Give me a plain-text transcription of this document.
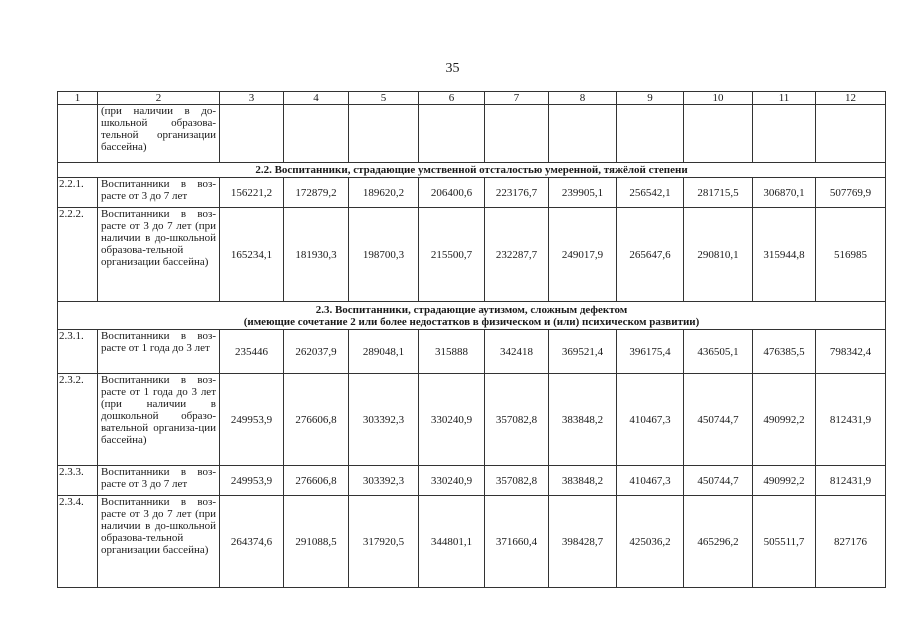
35
1	2	3	4	5	6	7	8	9	10	11	12
	(при наличии в до-школьной образова-тельной организации бассейна)										
2.2. Воспитанники, страдающие умственной отсталостью умеренной, тяжёлой степени											
2.2.1.	Воспитанники в воз-расте от 3 до 7 лет	156221,2	172879,2	189620,2	206400,6	223176,7	239905,1	256542,1	281715,5	306870,1	507769,9
2.2.2.	Воспитанники в воз-расте от 3 до 7 лет (при наличии в до-школьной образова-тельной организации бассейна)	165234,1	181930,3	198700,3	215500,7	232287,7	249017,9	265647,6	290810,1	315944,8	516985

2.3. Воспитанники, страдающие аутизмом, сложным дефектом
(имеющие сочетание 2 или более недостатков в физическом и (или) психическом развитии)											

2.3.1.	Воспитанники в воз-расте от 1 года до 3 лет	235446	262037,9	289048,1	315888	342418	369521,4	396175,4	436505,1	476385,5	798342,4
2.3.2.	Воспитанники в воз-расте от 1 года до 3 лет (при наличии в дошкольной образо-вательной организа-ции бассейна)	249953,9	276606,8	303392,3	330240,9	357082,8	383848,2	410467,3	450744,7	490992,2	812431,9
2.3.3.	Воспитанники в воз-расте от 3 до 7 лет	249953,9	276606,8	303392,3	330240,9	357082,8	383848,2	410467,3	450744,7	490992,2	812431,9
2.3.4.	Воспитанники в воз-расте от 3 до 7 лет (при наличии в до-школьной образова-тельной организации бассейна)	264374,6	291088,5	317920,5	344801,1	371660,4	398428,7	425036,2	465296,2	505511,7	827176
